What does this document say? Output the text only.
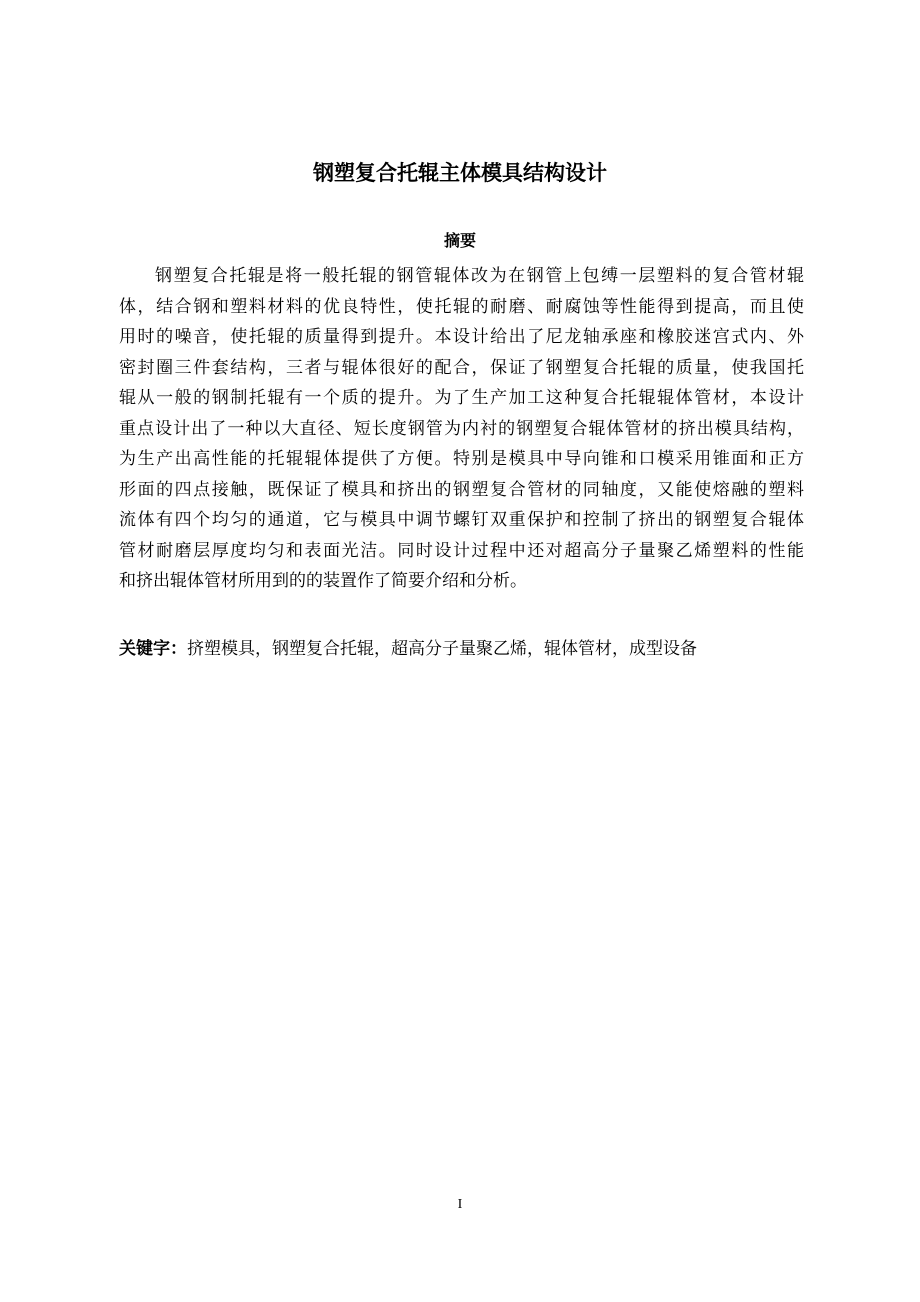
钢塑复合托辊主体模具结构设计
摘要
钢塑复合托辊是将一般托辊的钢管辊体改为在钢管上包缚一层塑料的复合管材辊
体，结合钢和塑料材料的优良特性，使托辊的耐磨、耐腐蚀等性能得到提高，而且使
用时的噪音，使托辊的质量得到提升。本设计给出了尼龙轴承座和橡胶迷宫式内、外
密封圈三件套结构，三者与辊体很好的配合，保证了钢塑复合托辊的质量，使我国托
辊从一般的钢制托辊有一个质的提升。为了生产加工这种复合托辊辊体管材，本设计
重点设计出了一种以大直径、短长度钢管为内衬的钢塑复合辊体管材的挤出模具结构，
为生产出高性能的托辊辊体提供了方便。特别是模具中导向锥和口模采用锥面和正方
形面的四点接触，既保证了模具和挤出的钢塑复合管材的同轴度，又能使熔融的塑料
流体有四个均匀的通道，它与模具中调节螺钉双重保护和控制了挤出的钢塑复合辊体
管材耐磨层厚度均匀和表面光洁。同时设计过程中还对超高分子量聚乙烯塑料的性能
和挤出辊体管材所用到的的装置作了简要介绍和分析。

关键字：挤塑模具，钢塑复合托辊，超高分子量聚乙烯，辊体管材，成型设备

I
